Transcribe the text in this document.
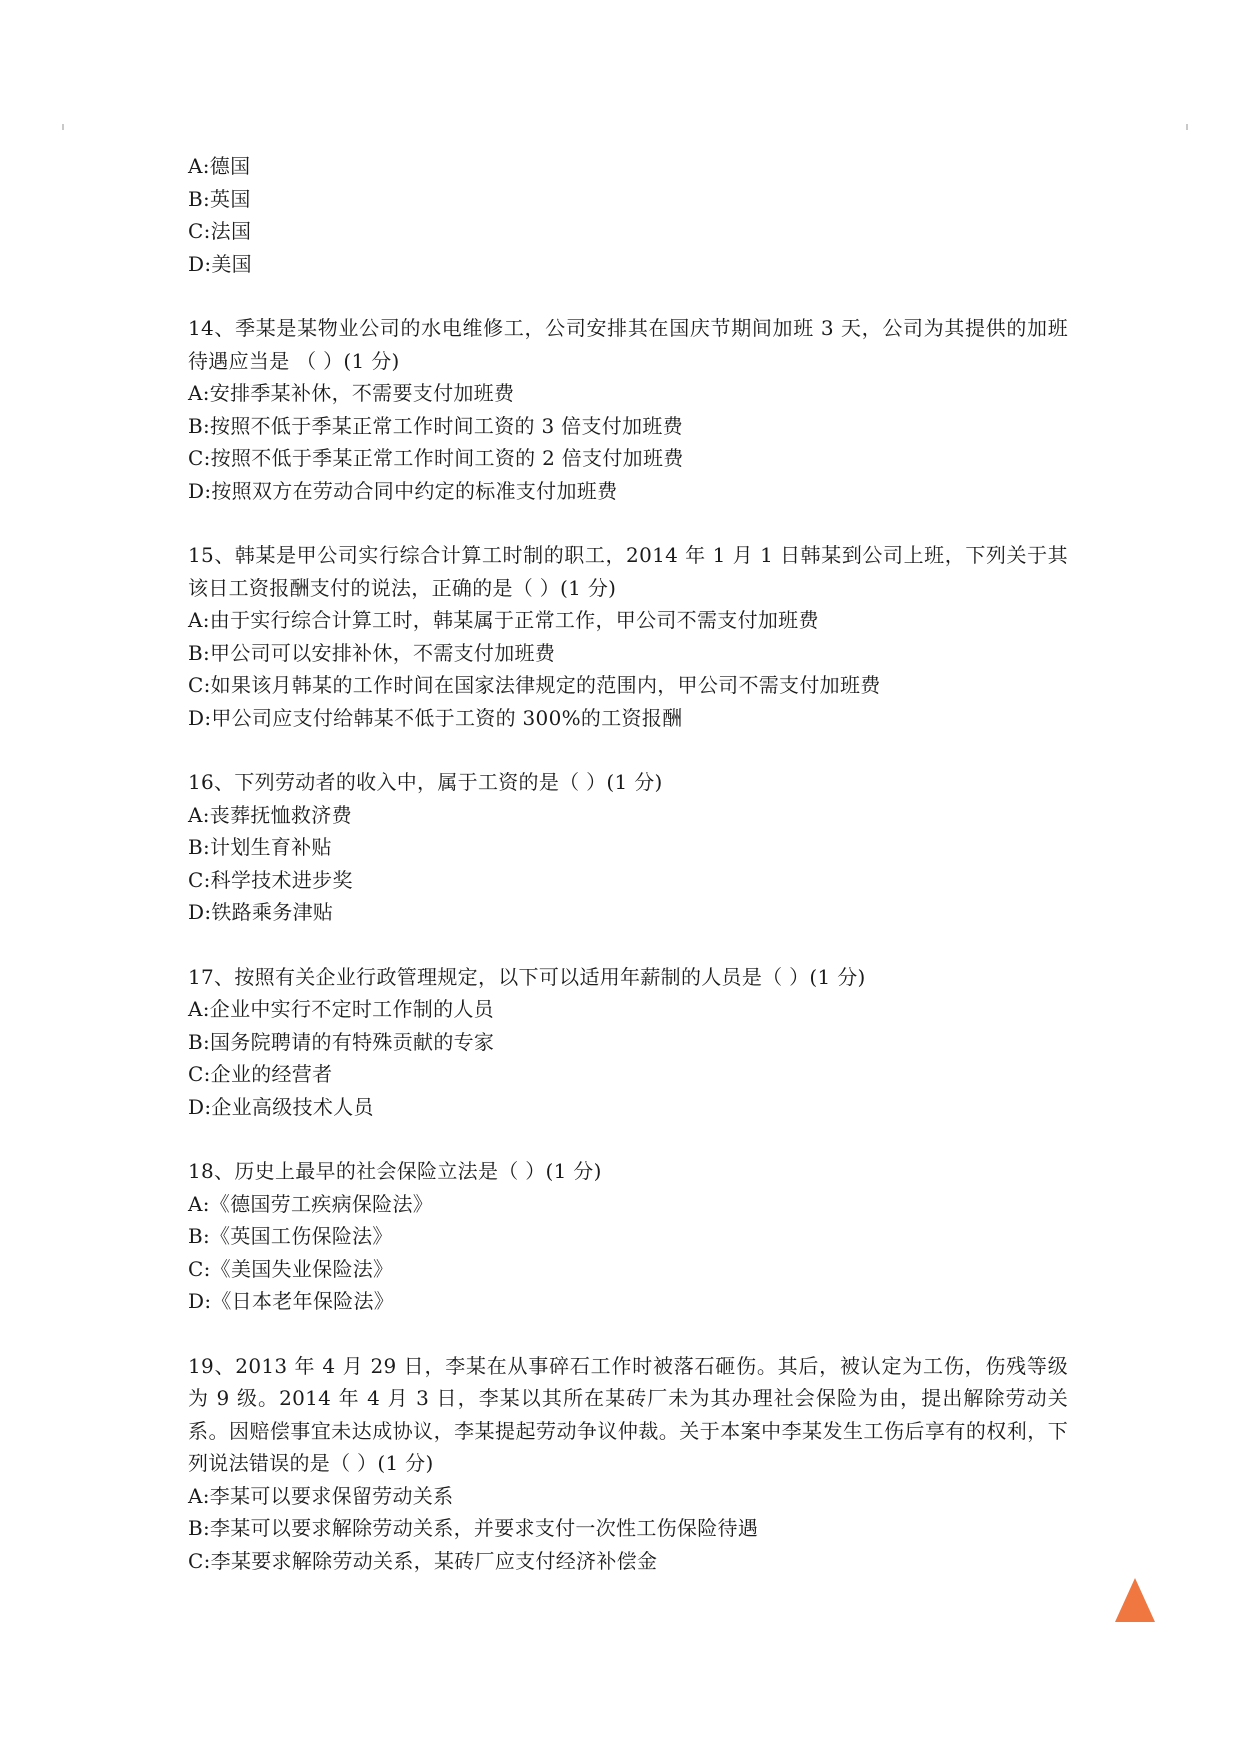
A:德国
B:英国
C:法国
D:美国
14、季某是某物业公司的水电维修工，公司安排其在国庆节期间加班 3 天，公司为其提供的加班待遇应当是 （ ）(1 分)
A:安排季某补休，不需要支付加班费
B:按照不低于季某正常工作时间工资的 3 倍支付加班费
C:按照不低于季某正常工作时间工资的 2 倍支付加班费
D:按照双方在劳动合同中约定的标准支付加班费
15、韩某是甲公司实行综合计算工时制的职工，2014 年 1 月 1 日韩某到公司上班，下列关于其该日工资报酬支付的说法，正确的是（ ）(1 分)
A:由于实行综合计算工时，韩某属于正常工作，甲公司不需支付加班费
B:甲公司可以安排补休，不需支付加班费
C:如果该月韩某的工作时间在国家法律规定的范围内，甲公司不需支付加班费
D:甲公司应支付给韩某不低于工资的 300%的工资报酬
16、下列劳动者的收入中，属于工资的是（ ）(1 分)
A:丧葬抚恤救济费
B:计划生育补贴
C:科学技术进步奖
D:铁路乘务津贴
17、按照有关企业行政管理规定，以下可以适用年薪制的人员是（ ）(1 分)
A:企业中实行不定时工作制的人员
B:国务院聘请的有特殊贡献的专家
C:企业的经营者
D:企业高级技术人员
18、历史上最早的社会保险立法是（ ）(1 分)
A:《德国劳工疾病保险法》
B:《英国工伤保险法》
C:《美国失业保险法》
D:《日本老年保险法》
19、2013 年 4 月 29 日，李某在从事碎石工作时被落石砸伤。其后，被认定为工伤，伤残等级为 9 级。2014 年 4 月 3 日，李某以其所在某砖厂未为其办理社会保险为由，提出解除劳动关系。因赔偿事宜未达成协议，李某提起劳动争议仲裁。关于本案中李某发生工伤后享有的权利，下列说法错误的是（ ）(1 分)
A:李某可以要求保留劳动关系
B:李某可以要求解除劳动关系，并要求支付一次性工伤保险待遇
C:李某要求解除劳动关系，某砖厂应支付经济补偿金
